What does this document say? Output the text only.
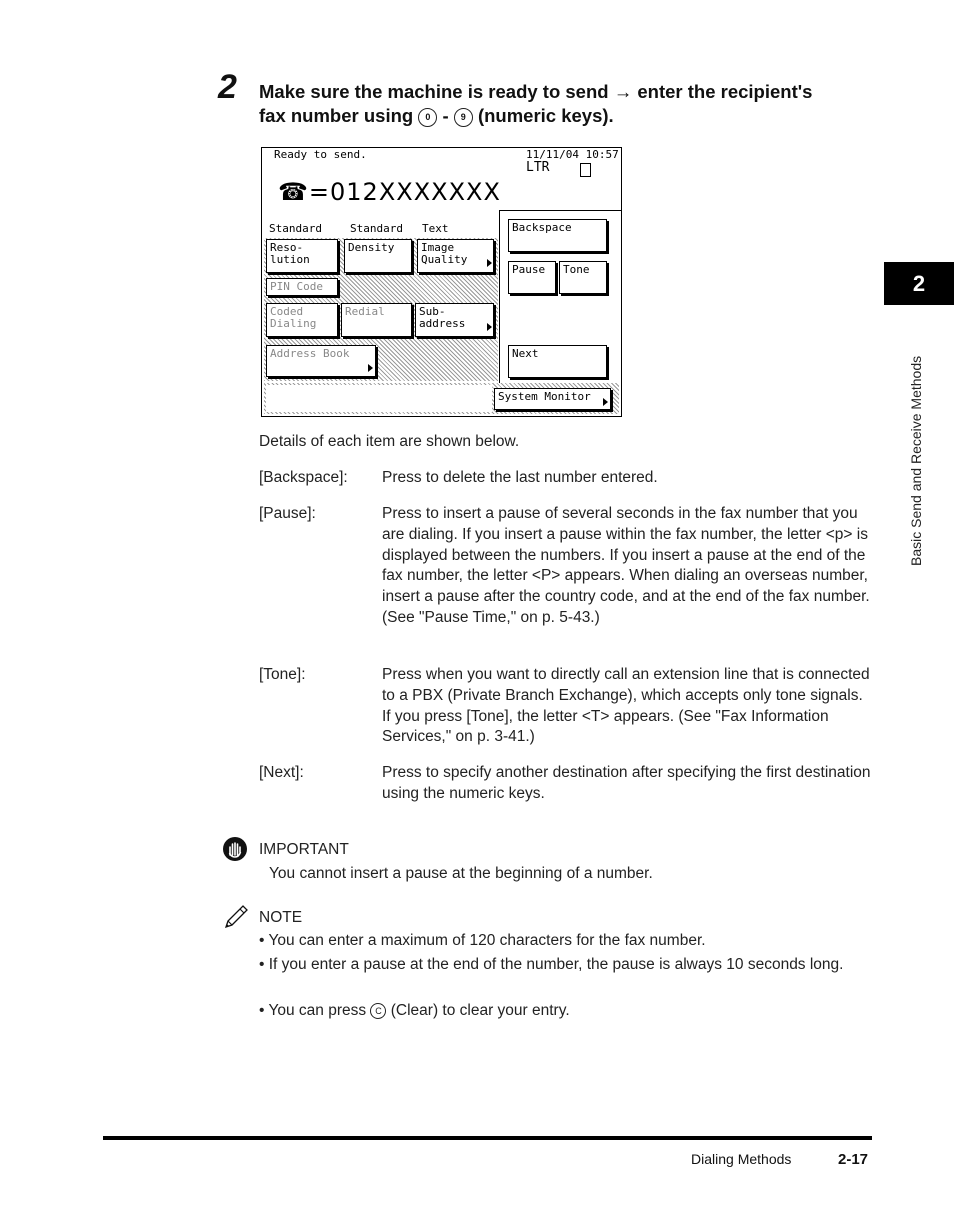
2 Make sure the machine is ready to send → enter the recipient's
fax number using 0 - 9 (numeric keys).
Ready to send.	11/11/04 10:57
LTR
☎=012XXXXXXX
Standard	Standard Text
Reso-
lution
Density	Image
Quality
PIN Code
Coded
Dialing
Redial	Sub-
address
Address Book
Backspace
Pause	Tone
Next
System Monitor
Details of each item are shown below.
[Backspace]: Press to delete the last number entered.
[Pause]:	Press to insert a pause of several seconds in the fax number that you are dialing. If you insert a pause within the fax number, the letter <p> is displayed between the numbers. If you insert a pause at the end of the fax number, the letter <P> appears. When dialing an overseas number, insert a pause after the country code, and at the end of the fax number. (See "Pause Time," on p. 5-43.)
[Tone]:	Press when you want to directly call an extension line that is connected to a PBX (Private Branch Exchange), which accepts only tone signals. If you press [Tone], the letter <T> appears. (See "Fax Information Services," on p. 3-41.)
[Next]:	Press to specify another destination after specifying the first destination using the numeric keys.
IMPORTANT
You cannot insert a pause at the beginning of a number.
NOTE
• You can enter a maximum of 120 characters for the fax number.
• If you enter a pause at the end of the number, the pause is always 10 seconds long.
• You can press C (Clear) to clear your entry.
2
Basic Send and Receive Methods
Dialing Methods	2-17
